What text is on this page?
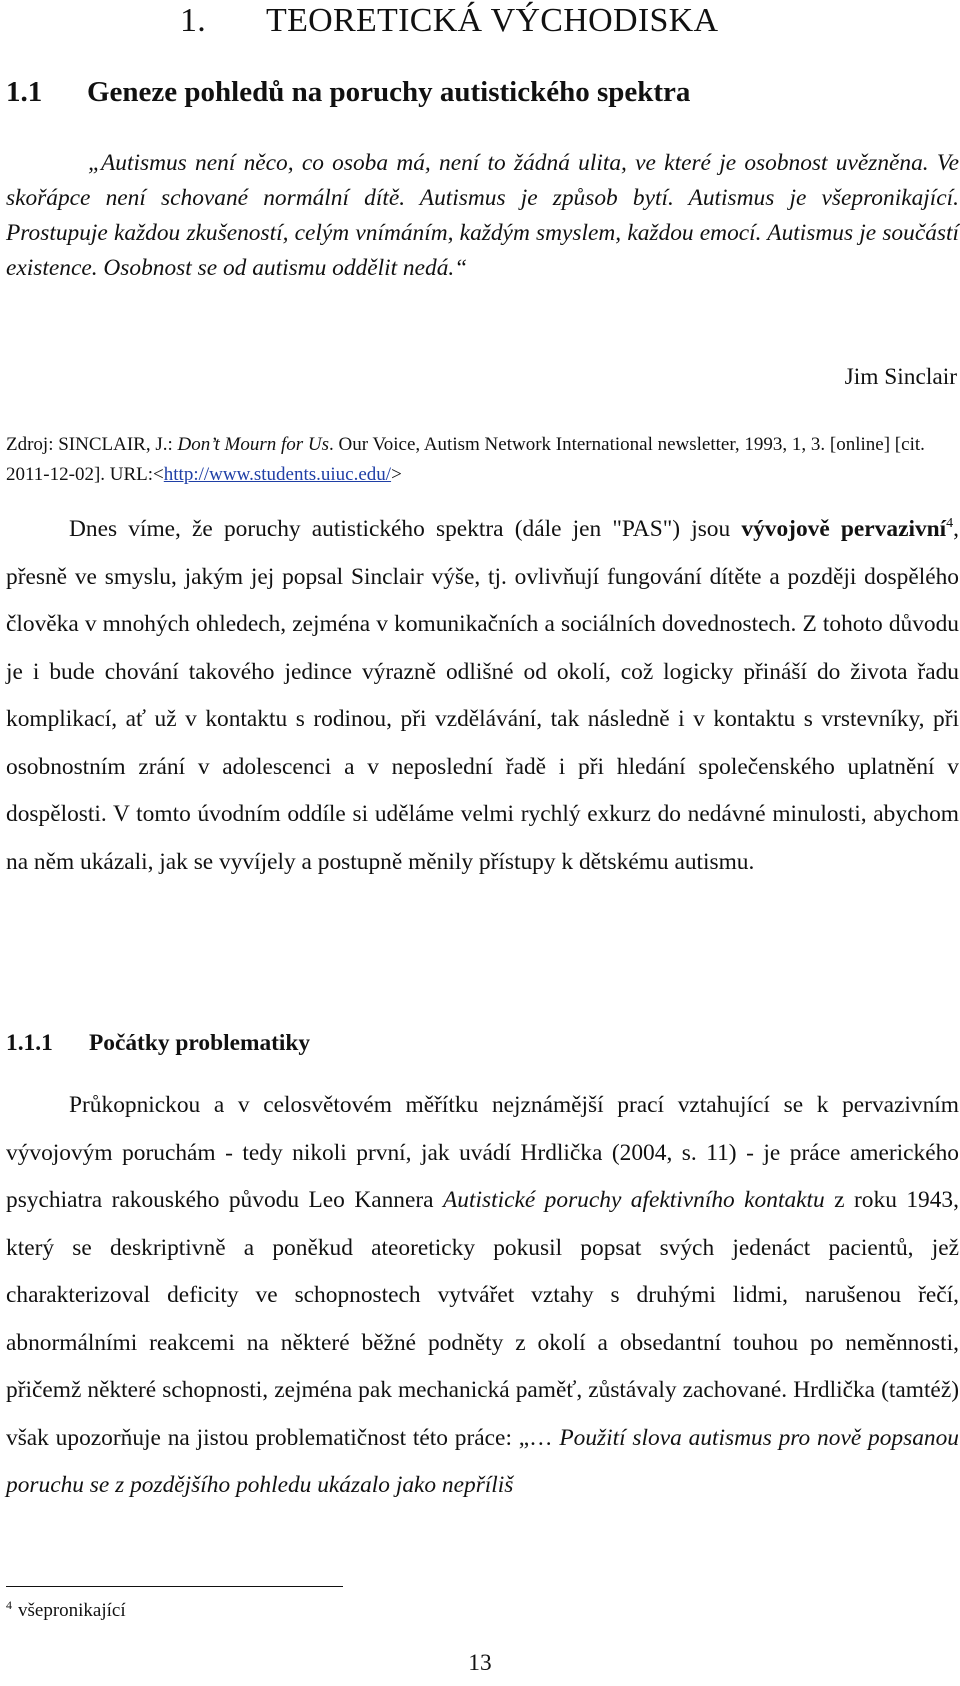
1. TEORETICKÁ VÝCHODISKA
1.1 Geneze pohledů na poruchy autistického spektra

„Autismus není něco, co osoba má, není to žádná ulita, ve které je osobnost uvězněna. Ve skořápce není schované normální dítě. Autismus je způsob bytí. Autismus je všepronikající. Prostupuje každou zkušeností, celým vnímáním, každým smyslem, každou emocí. Autismus je součástí existence. Osobnost se od autismu oddělit nedá.“

Jim Sinclair
Zdroj: SINCLAIR, J.: Don’t Mourn for Us. Our Voice, Autism Network International newsletter, 1993, 1, 3. [online] [cit. 2011-12-02]. URL:<http://www.students.uiuc.edu/>

Dnes víme, že poruchy autistického spektra (dále jen "PAS") jsou vývojově pervazivní$^4$, přesně ve smyslu, jakým jej popsal Sinclair výše, tj. ovlivňují fungování dítěte a později dospělého člověka v mnohých ohledech, zejména v komunikačních a sociálních dovednostech. Z tohoto důvodu je i bude chování takového jedince výrazně odlišné od okolí, což logicky přináší do života řadu komplikací, ať už v kontaktu s rodinou, při vzdělávání, tak následně i v kontaktu s vrstevníky, při osobnostním zrání v adolescenci a v neposlední řadě i při hledání společenského uplatnění v dospělosti. V tomto úvodním oddíle si uděláme velmi rychlý exkurz do nedávné minulosti, abychom na něm ukázali, jak se vyvíjely a postupně měnily přístupy k dětskému autismu.

1.1.1 Počátky problematiky

Průkopnickou a v celosvětovém měřítku nejznámější prací vztahující se k pervazivním vývojovým poruchám - tedy nikoli první, jak uvádí Hrdlička (2004, s. 11) - je práce amerického psychiatra rakouského původu Leo Kannera Autistické poruchy afektivního kontaktu z roku 1943, který se deskriptivně a poněkud ateoreticky pokusil popsat svých jedenáct pacientů, jež charakterizoval deficity ve schopnostech vytvářet vztahy s druhými lidmi, narušenou řečí, abnormálními reakcemi na některé běžné podněty z okolí a obsedantní touhou po neměnnosti, přičemž některé schopnosti, zejména pak mechanická paměť, zůstávaly zachované. Hrdlička (tamtéž) však upozorňuje na jistou problematičnost této práce: „… Použití slova autismus pro nově popsanou poruchu se z pozdějšího pohledu ukázalo jako nepříliš

$^4$ všepronikající
13
